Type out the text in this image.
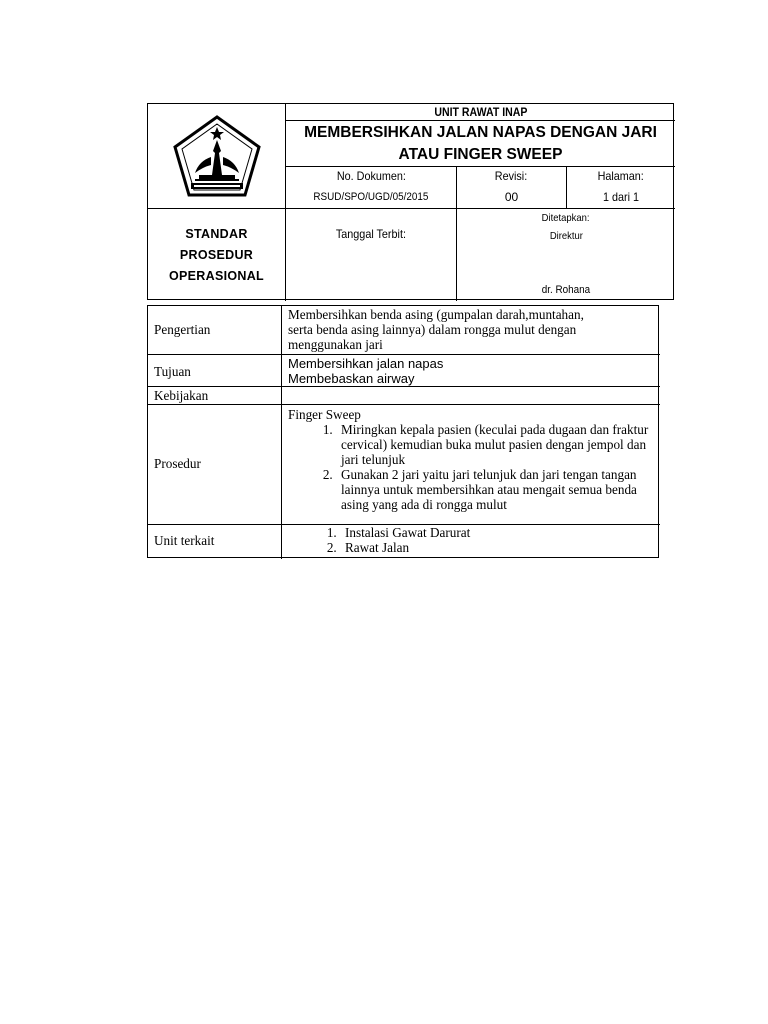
UNIT RAWAT INAP
MEMBERSIHKAN JALAN NAPAS DENGAN JARI
ATAU FINGER SWEEP
No. Dokumen:
RSUD/SPO/UGD/05/2015
Revisi:
00
Halaman:
1 dari 1
STANDAR
PROSEDUR
OPERASIONAL
Tanggal Terbit:
Ditetapkan:
Direktur
dr. Rohana
Pengertian
Membersihkan benda asing (gumpalan darah,muntahan,
serta benda asing lainnya) dalam rongga mulut dengan
menggunakan jari
Tujuan
Membersihkan jalan napas
Membebaskan airway
Kebijakan
Prosedur
Finger Sweep
1. Miringkan kepala pasien (keculai pada dugaan dan fraktur cervical) kemudian buka mulut pasien dengan jempol dan jari telunjuk
2. Gunakan 2 jari yaitu jari telunjuk dan jari tengan tangan lainnya untuk membersihkan atau mengait semua benda asing yang ada di rongga mulut
Unit terkait
1. Instalasi Gawat Darurat
2. Rawat Jalan
